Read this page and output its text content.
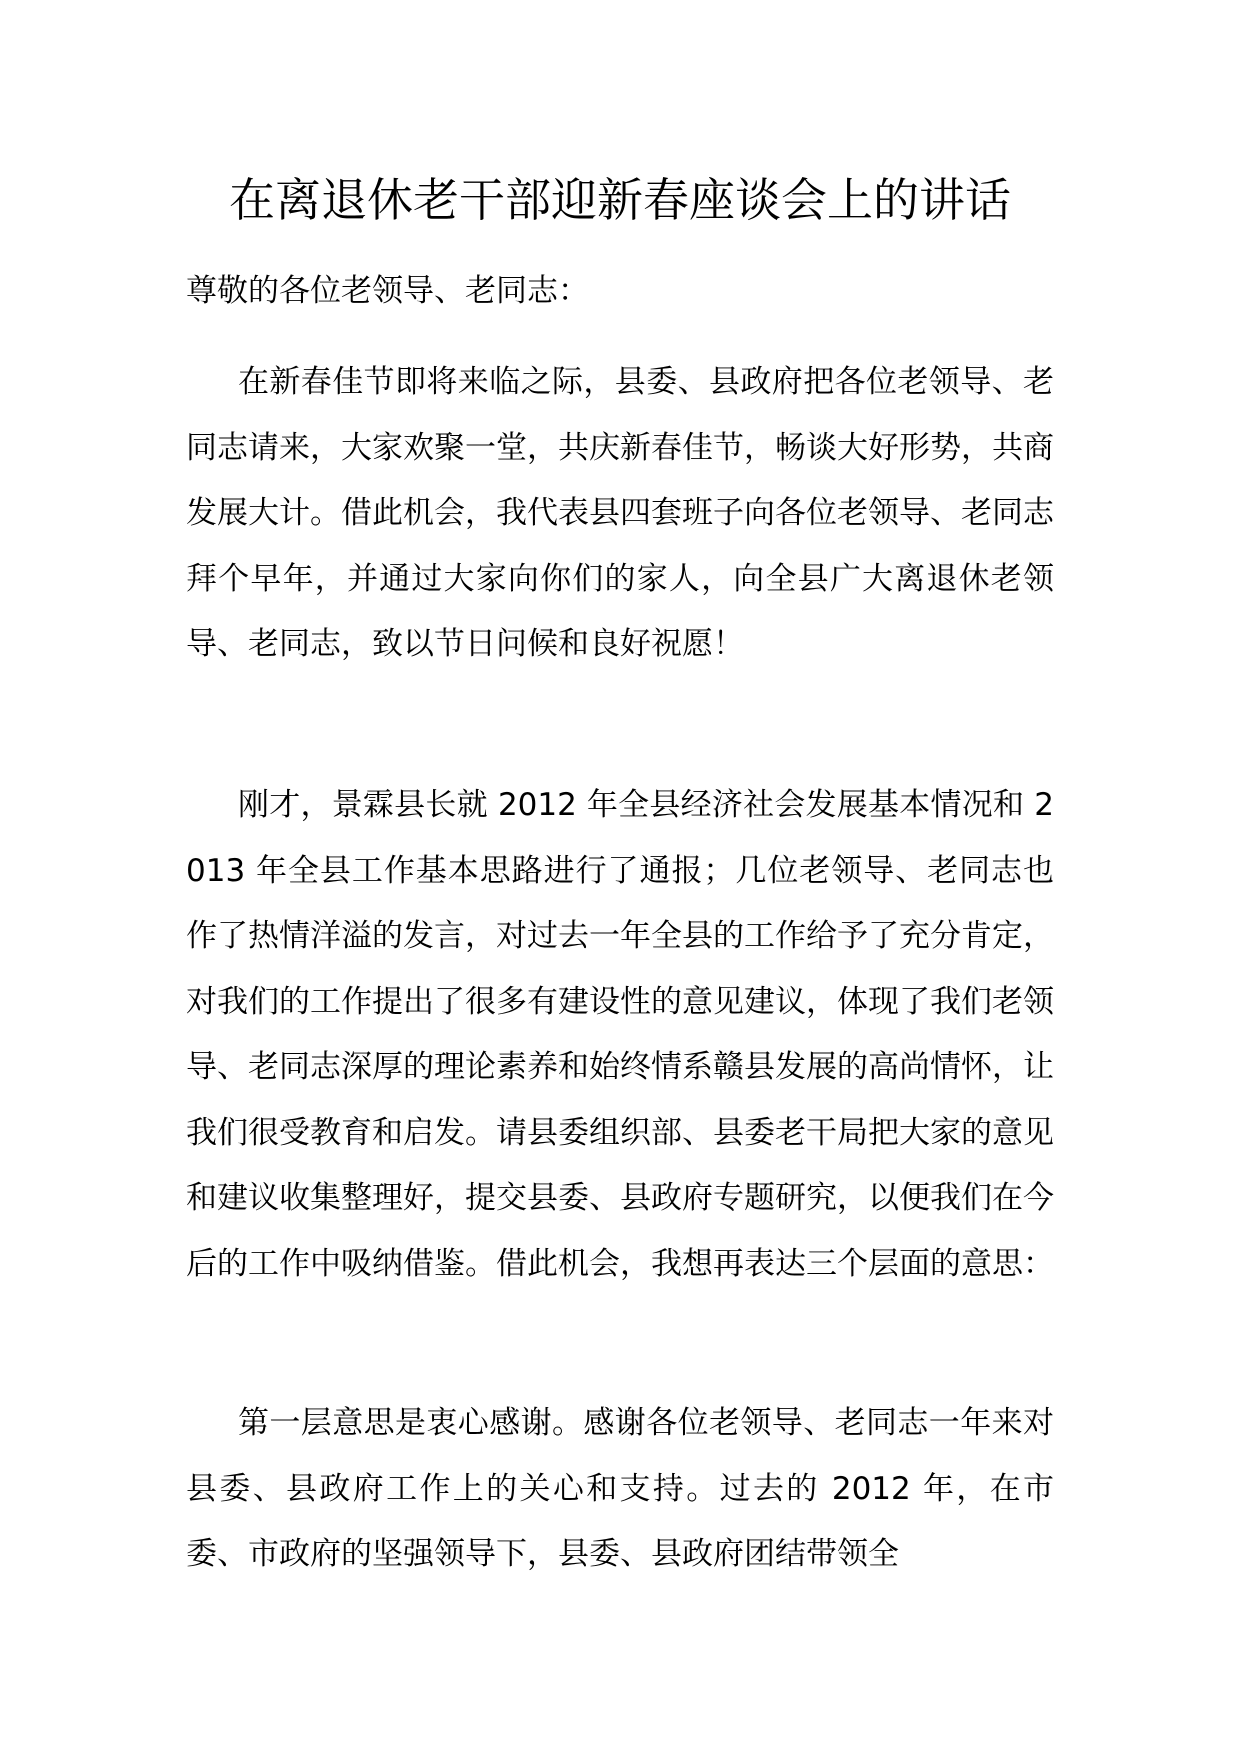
在离退休老干部迎新春座谈会上的讲话

尊敬的各位老领导、老同志：

在新春佳节即将来临之际，县委、县政府把各位老领导、老同志请来，大家欢聚一堂，共庆新春佳节，畅谈大好形势，共商发展大计。借此机会，我代表县四套班子向各位老领导、老同志拜个早年，并通过大家向你们的家人，向全县广大离退休老领导、老同志，致以节日问候和良好祝愿！

刚才，景霖县长就 2012 年全县经济社会发展基本情况和 2013 年全县工作基本思路进行了通报；几位老领导、老同志也作了热情洋溢的发言，对过去一年全县的工作给予了充分肯定，对我们的工作提出了很多有建设性的意见建议，体现了我们老领导、老同志深厚的理论素养和始终情系赣县发展的高尚情怀，让我们很受教育和启发。请县委组织部、县委老干局把大家的意见和建议收集整理好，提交县委、县政府专题研究，以便我们在今后的工作中吸纳借鉴。借此机会，我想再表达三个层面的意思：

第一层意思是衷心感谢。感谢各位老领导、老同志一年来对县委、县政府工作上的关心和支持。过去的 2012 年，在市委、市政府的坚强领导下，县委、县政府团结带领全
